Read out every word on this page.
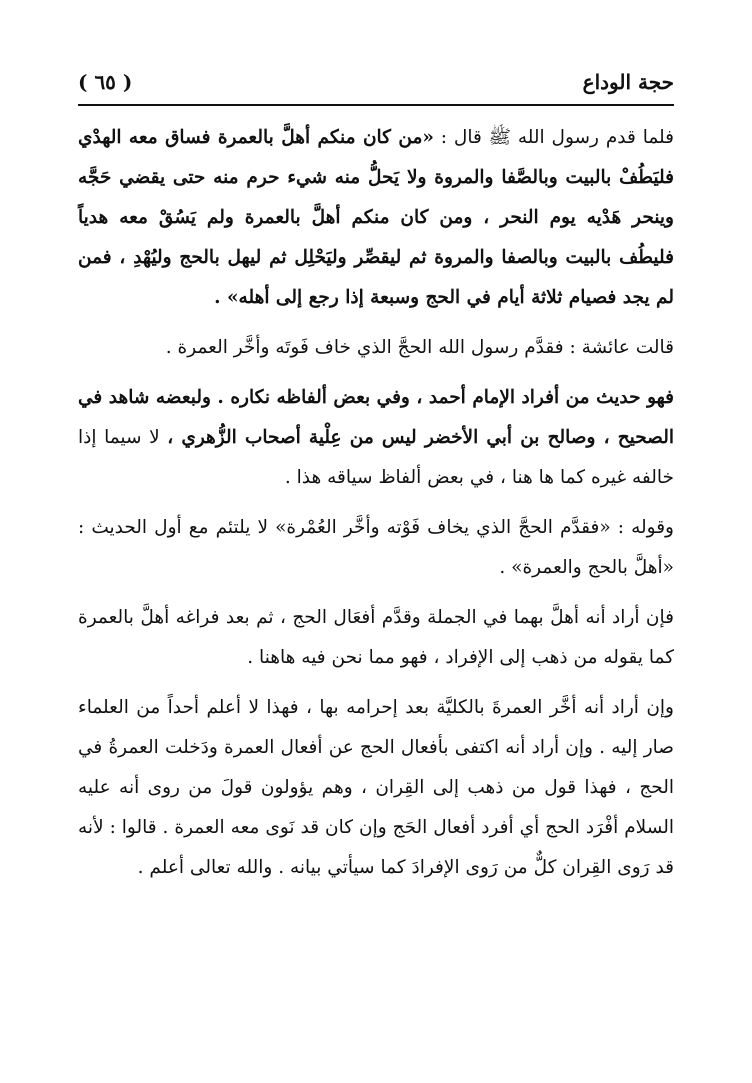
حجة الوداع
( ٦٥ )

فلما قدم رسول الله ﷺ قال : «من كان منكم أهلَّ بالعمرة فساق معه الهدْي فليَطُفْ بالبيت وبالصَّفا والمروة ولا يَحلُّ منه شيء حرم منه حتى يقضي حَجَّه وينحر هَدْيه يوم النحر ، ومن كان منكم أهلَّ بالعمرة ولم يَسُقْ معه هدياً فليطُف بالبيت وبالصفا والمروة ثم ليقصِّر وليَحْلِل ثم ليهل بالحج وليُهْدِ ، فمن لم يجد فصيام ثلاثة أيام في الحج وسبعة إذا رجع إلى أهله» .

قالت عائشة : فقدَّم رسول الله الحجَّ الذي خاف فَوتَه وأخَّر العمرة .

فهو حديث من أفراد الإمام أحمد ، وفي بعض ألفاظه نكاره . ولبعضه شاهد في الصحيح ، وصالح بن أبي الأخضر ليس من عِلْية أصحاب الزُّهري ، لا سيما إذا خالفه غيره كما ها هنا ، في بعض ألفاظ سياقه هذا .

وقوله : «فقدَّم الحجَّ الذي يخاف فَوْته وأخَّر العُمْرة» لا يلتئم مع أول الحديث : «أهلَّ بالحج والعمرة» .

فإن أراد أنه أهلَّ بهما في الجملة وقدَّم أفعَال الحج ، ثم بعد فراغه أهلَّ بالعمرة كما يقوله من ذهب إلى الإفراد ، فهو مما نحن فيه هاهنا .

وإن أراد أنه أخَّر العمرةَ بالكليَّة بعد إحرامه بها ، فهذا لا أعلم أحداً من العلماء صار إليه . وإن أراد أنه اكتفى بأفعال الحج عن أفعال العمرة ودَخلت العمرةُ في الحج ، فهذا قول من ذهب إلى القِران ، وهم يؤولون قولَ من روى أنه عليه السلام أفْرَد الحج أي أفرد أفعال الحَج وإن كان قد نَوى معه العمرة . قالوا : لأنه قد رَوى القِران كلٌّ من رَوى الإفرادَ كما سيأتي بيانه . والله تعالى أعلم .
